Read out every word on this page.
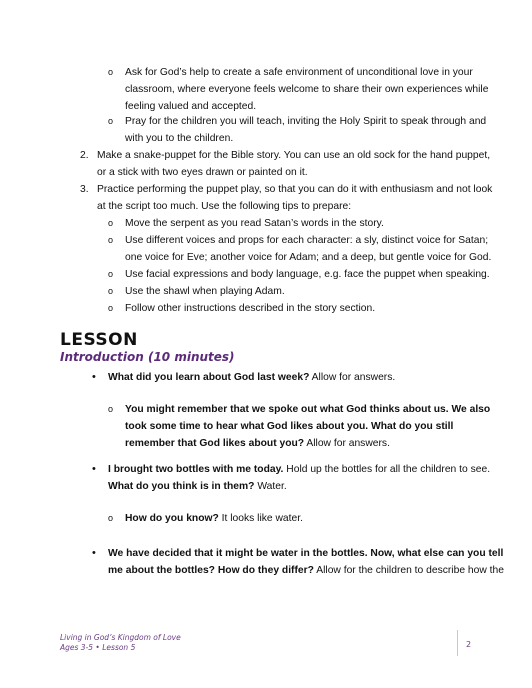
o Ask for God’s help to create a safe environment of unconditional love in your
classroom, where everyone feels welcome to share their own experiences while
feeling valued and accepted.
o Pray for the children you will teach, inviting the Holy Spirit to speak through and
with you to the children.
2. Make a snake-puppet for the Bible story. You can use an old sock for the hand puppet,
or a stick with two eyes drawn or painted on it.
3. Practice performing the puppet play, so that you can do it with enthusiasm and not look
at the script too much. Use the following tips to prepare:
o Move the serpent as you read Satan’s words in the story.
o Use different voices and props for each character: a sly, distinct voice for Satan;
one voice for Eve; another voice for Adam; and a deep, but gentle voice for God.
o Use facial expressions and body language, e.g. face the puppet when speaking.
o Use the shawl when playing Adam.
o Follow other instructions described in the story section.
LESSON
Introduction (10 minutes)
• What did you learn about God last week? Allow for answers.
o You might remember that we spoke out what God thinks about us. We also
took some time to hear what God likes about you. What do you still
remember that God likes about you? Allow for answers.
• I brought two bottles with me today. Hold up the bottles for all the children to see.
What do you think is in them? Water.
o How do you know? It looks like water.
• We have decided that it might be water in the bottles. Now, what else can you tell
me about the bottles? How do they differ? Allow for the children to describe how the
Living in God’s Kingdom of Love
Ages 3-5 • Lesson 5	2
